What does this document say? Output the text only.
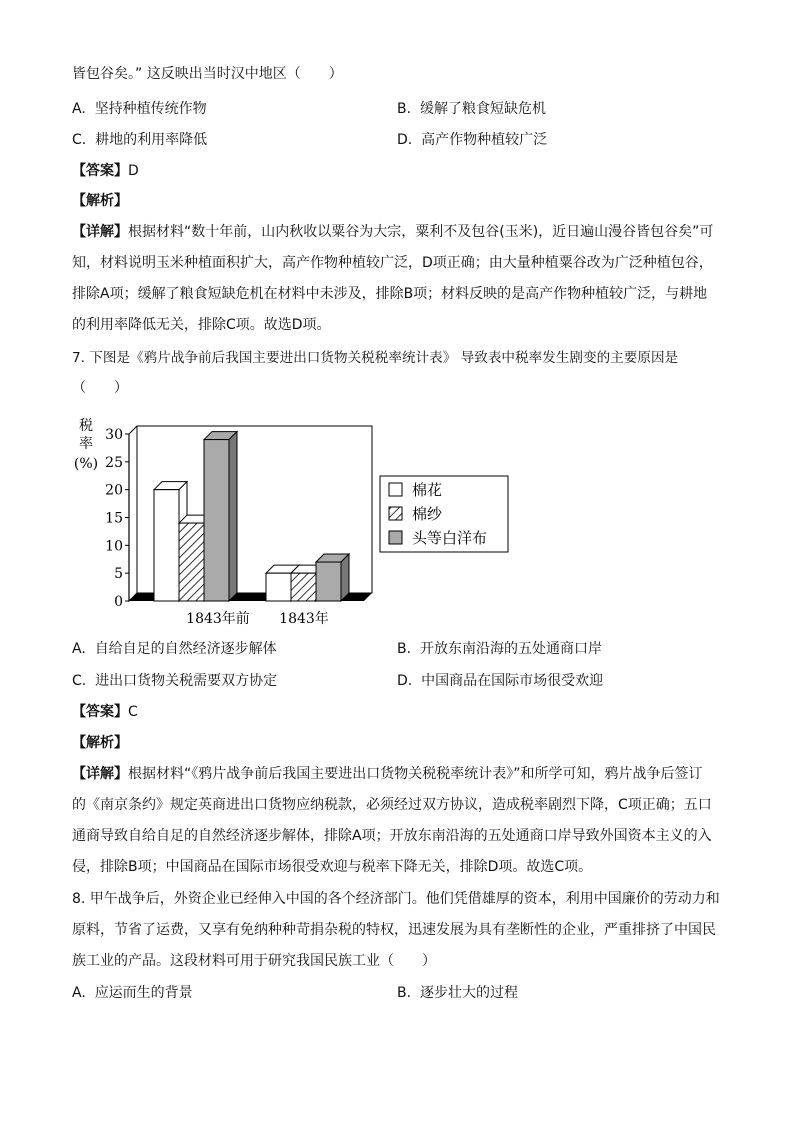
皆包谷矣。” 这反映出当时汉中地区（　　）
A. 坚持种植传统作物	B. 缓解了粮食短缺危机
C. 耕地的利用率降低	D. 高产作物种植较广泛
【答案】D
【解析】
【详解】根据材料“数十年前，山内秋收以粟谷为大宗，粟利不及包谷(玉米)，近日遍山漫谷皆包谷矣”可
知，材料说明玉米种植面积扩大，高产作物种植较广泛，D项正确；由大量种植粟谷改为广泛种植包谷，
排除A项；缓解了粮食短缺危机在材料中未涉及，排除B项；材料反映的是高产作物种植较广泛，与耕地
的利用率降低无关，排除C项。故选D项。
7. 下图是《鸦片战争前后我国主要进出口货物关税税率统计表》 导致表中税率发生剧变的主要原因是
（　　）
税
率
(%)
0
5
10
15
20
25
30
1843年前 1843年
棉花
棉纱
头等白洋布
A. 自给自足的自然经济逐步解体	B. 开放东南沿海的五处通商口岸
C. 进出口货物关税需要双方协定	D. 中国商品在国际市场很受欢迎
【答案】C
【解析】
【详解】根据材料“《鸦片战争前后我国主要进出口货物关税税率统计表》”和所学可知，鸦片战争后签订
的《南京条约》规定英商进出口货物应纳税款，必须经过双方协议，造成税率剧烈下降，C项正确；五口
通商导致自给自足的自然经济逐步解体，排除A项；开放东南沿海的五处通商口岸导致外国资本主义的入
侵，排除B项；中国商品在国际市场很受欢迎与税率下降无关，排除D项。故选C项。
8. 甲午战争后，外资企业已经伸入中国的各个经济部门。他们凭借雄厚的资本，利用中国廉价的劳动力和
原料，节省了运费，又享有免纳种种苛捐杂税的特权，迅速发展为具有垄断性的企业，严重排挤了中国民
族工业的产品。这段材料可用于研究我国民族工业（　　）
A. 应运而生的背景	B. 逐步壮大的过程
